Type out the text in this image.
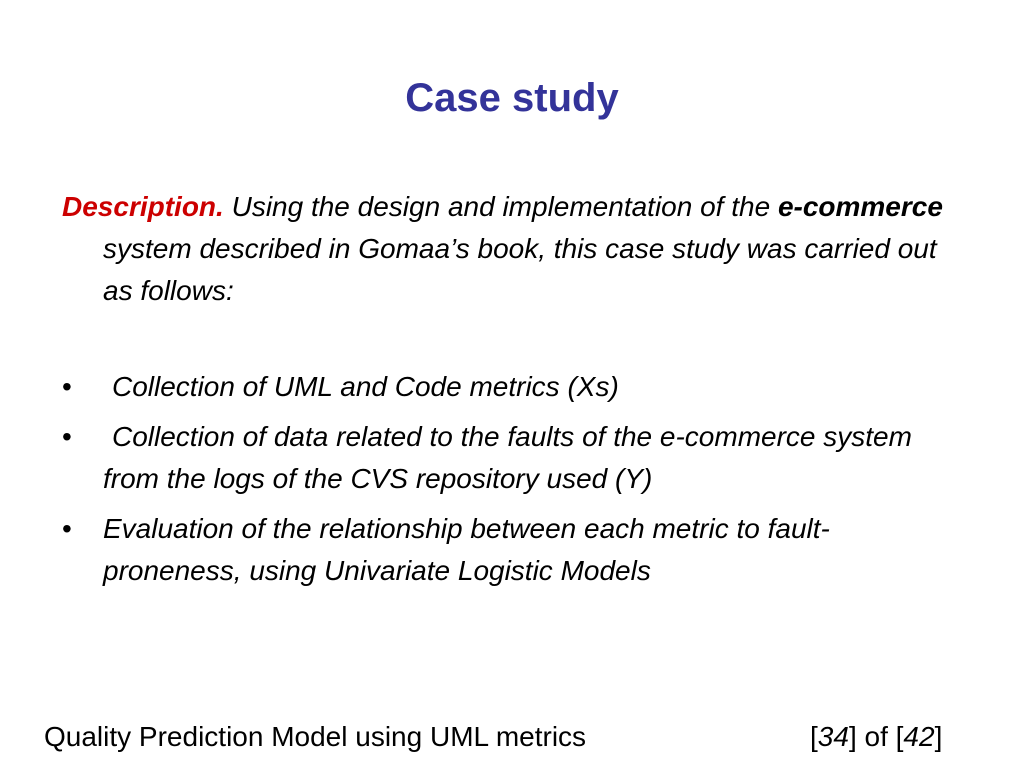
Case study

Description. Using the design and implementation of the e-commerce system described in Gomaa’s book, this case study was carried out as follows:

•	Collection of UML and Code metrics (Xs)
•	Collection of data related to the faults of the e-commerce system from the logs of the CVS repository used (Y)
•	Evaluation of the relationship between each metric to fault-proneness, using Univariate Logistic Models
Quality Prediction Model using UML metrics	[34] of [42]
